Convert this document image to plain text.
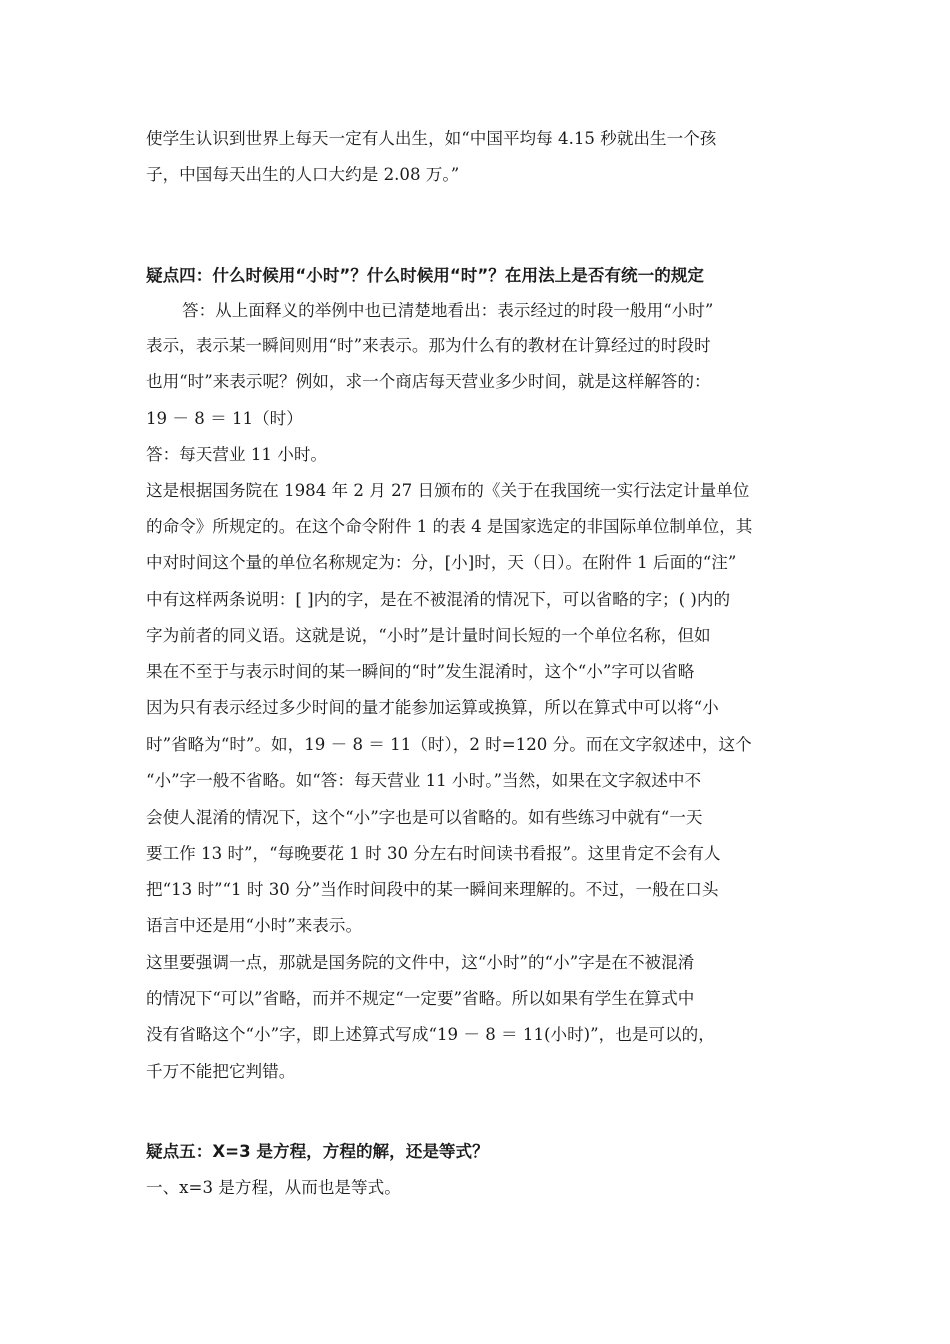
使学生认识到世界上每天一定有人出生，如“中国平均每 4.15 秒就出生一个孩
子，中国每天出生的人口大约是 2.08 万。”
疑点四：什么时候用“小时”？什么时候用“时”？在用法上是否有统一的规定
答：从上面释义的举例中也已清楚地看出：表示经过的时段一般用“小时”
表示，表示某一瞬间则用“时”来表示。那为什么有的教材在计算经过的时段时
也用“时”来表示呢？例如，求一个商店每天营业多少时间，就是这样解答的：
19 － 8 ＝ 11（时）
答：每天营业 11 小时。
这是根据国务院在 1984 年 2 月 27 日颁布的《关于在我国统一实行法定计量单位
的命令》所规定的。在这个命令附件 1 的表 4 是国家选定的非国际单位制单位，其
中对时间这个量的单位名称规定为：分，[小]时，天（日）。在附件 1 后面的“注”
中有这样两条说明：[ ]内的字，是在不被混淆的情况下，可以省略的字；( )内的
字为前者的同义语。这就是说，“小时”是计量时间长短的一个单位名称，但如
果在不至于与表示时间的某一瞬间的“时”发生混淆时，这个“小”字可以省略
因为只有表示经过多少时间的量才能参加运算或换算，所以在算式中可以将“小
时”省略为“时”。如，19 － 8 ＝ 11（时），2 时=120 分。而在文字叙述中，这个
“小”字一般不省略。如“答：每天营业 11 小时。”当然，如果在文字叙述中不
会使人混淆的情况下，这个“小”字也是可以省略的。如有些练习中就有“一天
要工作 13 时”，“每晚要花 1 时 30 分左右时间读书看报”。这里肯定不会有人
把“13 时”“1 时 30 分”当作时间段中的某一瞬间来理解的。不过，一般在口头
语言中还是用“小时”来表示。
这里要强调一点，那就是国务院的文件中，这“小时”的“小”字是在不被混淆
的情况下“可以”省略，而并不规定“一定要”省略。所以如果有学生在算式中
没有省略这个“小”字，即上述算式写成“19 － 8 ＝ 11(小时)”，也是可以的，
千万不能把它判错。
疑点五：X=3 是方程，方程的解，还是等式？
一、x=3 是方程，从而也是等式。
